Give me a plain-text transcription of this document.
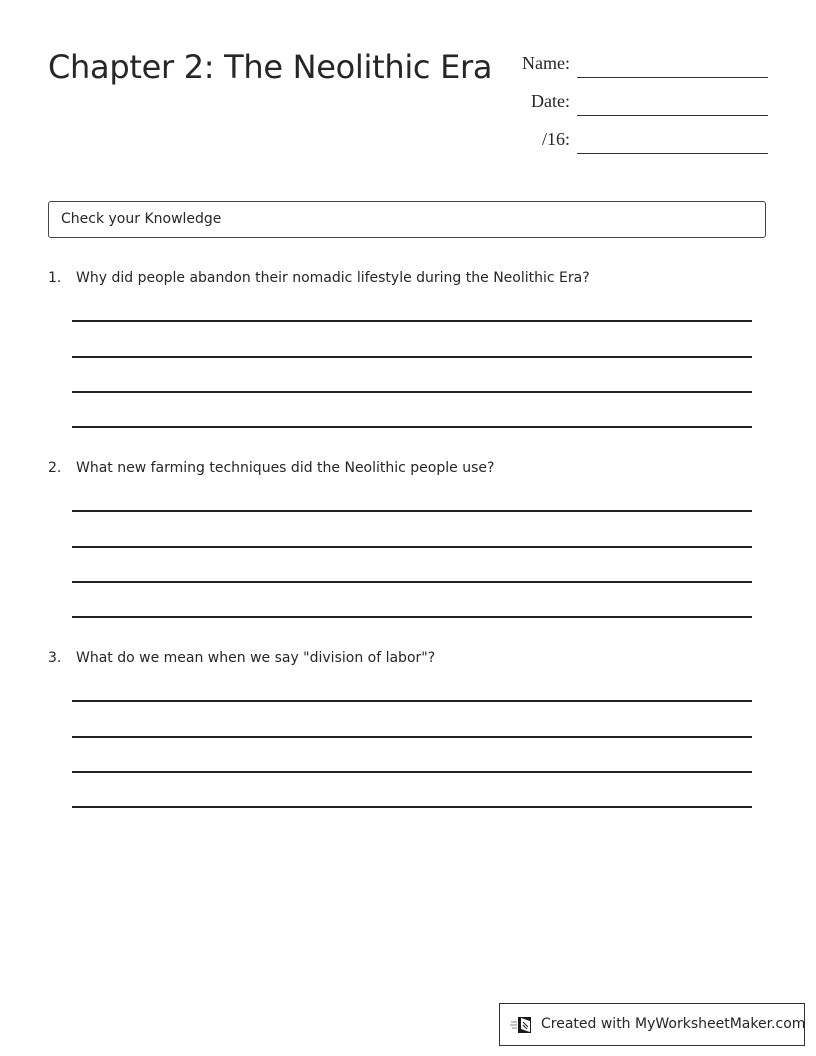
Chapter 2: The Neolithic Era Name:
Date:
/16:
Check your Knowledge
1. Why did people abandon their nomadic lifestyle during the Neolithic Era?
2. What new farming techniques did the Neolithic people use?
3. What do we mean when we say "division of labor"?
Created with MyWorksheetMaker.com
